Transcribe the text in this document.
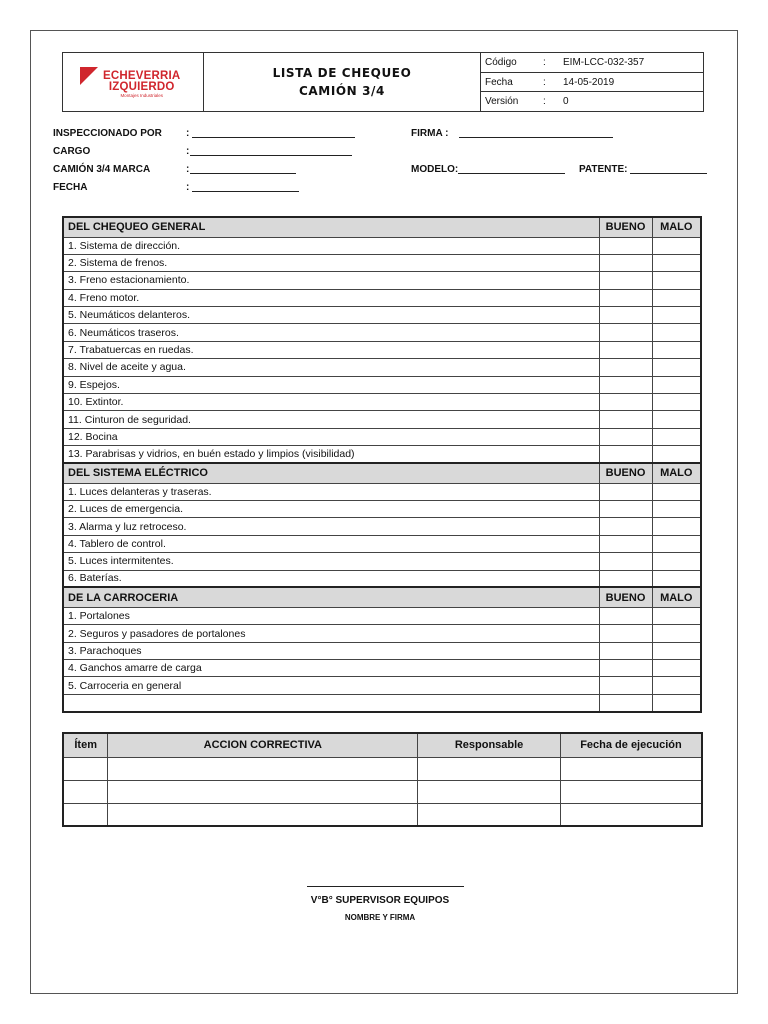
ECHEVERRIA
IZQUIERDO
Montajes Industriales
LISTA DE CHEQUEO
CAMIÓN 3/4
Código	:	EIM-LCC-032-357
Fecha	:	14-05-2019
Versión	:	0
INSPECCIONADO POR :
CARGO	:
CAMIÓN 3/4 MARCA	:
FECHA	:
FIRMA :
MODELO:	PATENTE:
DEL CHEQUEO GENERAL	BUENO	MALO
1. Sistema de dirección.		
2. Sistema de frenos.		
3. Freno estacionamiento.		
4. Freno motor.		
5. Neumáticos delanteros.		
6. Neumáticos traseros.		
7. Trabatuercas en ruedas.		
8. Nivel de aceite y agua.		
9. Espejos.		
10. Extintor.		
11. Cinturon de seguridad.		
12. Bocina		
13. Parabrisas y vidrios, en buén estado y limpios (visibilidad)		
DEL SISTEMA ELÉCTRICO	BUENO	MALO
1. Luces delanteras y traseras.		
2. Luces de emergencia.		
3. Alarma y luz retroceso.		
4. Tablero de control.		
5. Luces intermitentes.		
6. Baterías.		
DE LA CARROCERIA	BUENO	MALO
1. Portalones		
2. Seguros y pasadores de portalones		
3. Parachoques		
4. Ganchos amarre de carga		
5. Carroceria en general		

Ítem	ACCION CORRECTIVA	Responsable	Fecha de ejecución

V°B° SUPERVISOR EQUIPOS
NOMBRE Y FIRMA
